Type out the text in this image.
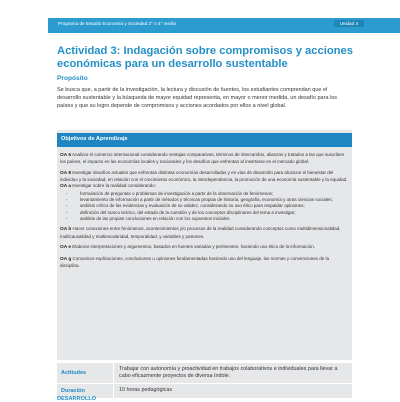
Programa de Estudio Economía y Sociedad 3° o 4° medio	Unidad 4
Actividad 3: Indagación sobre compromisos y acciones económicas para un desarrollo sustentable
Propósito
Se busca que, a partir de la investigación, la lectura y discusión de fuentes, los estudiantes comprendan que el desarrollo sustentable y la búsqueda de mayor equidad representa, en mayor o menor medida, un desafío para los países y que su logro depende de compromisos y acciones acordados por ellos a nivel global.
Objetivos de Aprendizaje

OA 6 Analizar el comercio internacional considerando ventajas comparativas, términos de intercambio, alianzas y tratados a las que suscriben los países, el impacto en las economías locales y nacionales y los desafíos que enfrentan al insertarse en el mercado global.

OA 8 Investigar desafíos actuales que enfrentan distintas economías desarrolladas y en vías de desarrollo para alcanzar el bienestar del individuo y la sociedad, en relación con el crecimiento económico, la interdependencia, la promoción de una economía sustentable y la equidad.
OA a Investigar sobre la realidad considerando:

- formulación de preguntas o problemas de investigación a partir de la observación de fenómenos;
- levantamiento de información a partir de métodos y técnicas propias de historia, geografía, economía y otras ciencias sociales;
- análisis crítico de las evidencias y evaluación de su validez, considerando su uso ético para respaldar opiniones;
- definición del marco teórico, del estado de la cuestión y de los conceptos disciplinares del tema a investigar;
- análisis de las propias conclusiones en relación con los supuestos iniciales.

OA b Hacer conexiones entre fenómenos, acontecimientos y/o procesos de la realidad considerando conceptos como multidimensionalidad, multicausalidad y multiescalaridad, temporalidad, y variables y patrones.

OA e Elaborar interpretaciones y argumentos, basados en fuentes variadas y pertinentes, haciendo uso ético de la información.

OA g Comunicar explicaciones, conclusiones u opiniones fundamentadas haciendo uso del lenguaje, las normas y convenciones de la disciplina.

Actitudes
Trabajar con autonomía y proactividad en trabajos colaborativos e individuales para llevar a cabo eficazmente proyectos de diversa índole.
Duración	10 horas pedagógicas
DESARROLLO
